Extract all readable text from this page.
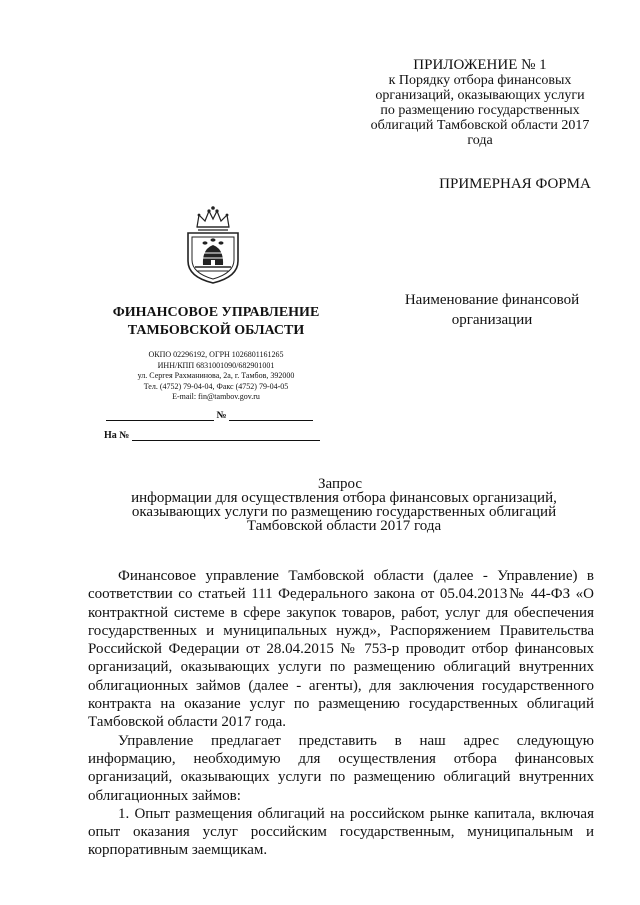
ПРИЛОЖЕНИЕ № 1
к Порядку отбора финансовых
организаций, оказывающих услуги
по размещению государственных
облигаций Тамбовской области 2017
года
ПРИМЕРНАЯ ФОРМА
ФИНАНСОВОЕ УПРАВЛЕНИЕ
ТАМБОВСКОЙ ОБЛАСТИ
ОКПО 02296192, ОГРН 1026801161265
ИНН/КПП 6831001090/682901001
ул. Сергея Рахманинова, 2а, г. Тамбов, 392000
Тел. (4752) 79-04-04, Факс (4752) 79-04-05
E-mail: fin@tambov.gov.ru
№
На №
Наименование финансовой
организации
Запрос
информации для осуществления отбора финансовых организаций,
оказывающих услуги по размещению государственных облигаций
Тамбовской области 2017 года

Финансовое управление Тамбовской области (далее - Управление) в соответствии со статьей 111 Федерального закона от 05.04.2013№ 44-ФЗ «О контрактной системе в сфере закупок товаров, работ, услуг для обеспечения государственных и муниципальных нужд», Распоряжением Правительства Российской Федерации от 28.04.2015 № 753-р проводит отбор финансовых организаций, оказывающих услуги по размещению облигаций внутренних облигационных займов (далее - агенты), для заключения государственного контракта на оказание услуг по размещению государственных облигаций Тамбовской области 2017 года.

Управление предлагает представить в наш адрес следующую информацию, необходимую для осуществления отбора финансовых организаций, оказывающих услуги по размещению облигаций внутренних облигационных займов:

1. Опыт размещения облигаций на российском рынке капитала, включая опыт оказания услуг российским государственным, муниципальным и корпоративным заемщикам.
